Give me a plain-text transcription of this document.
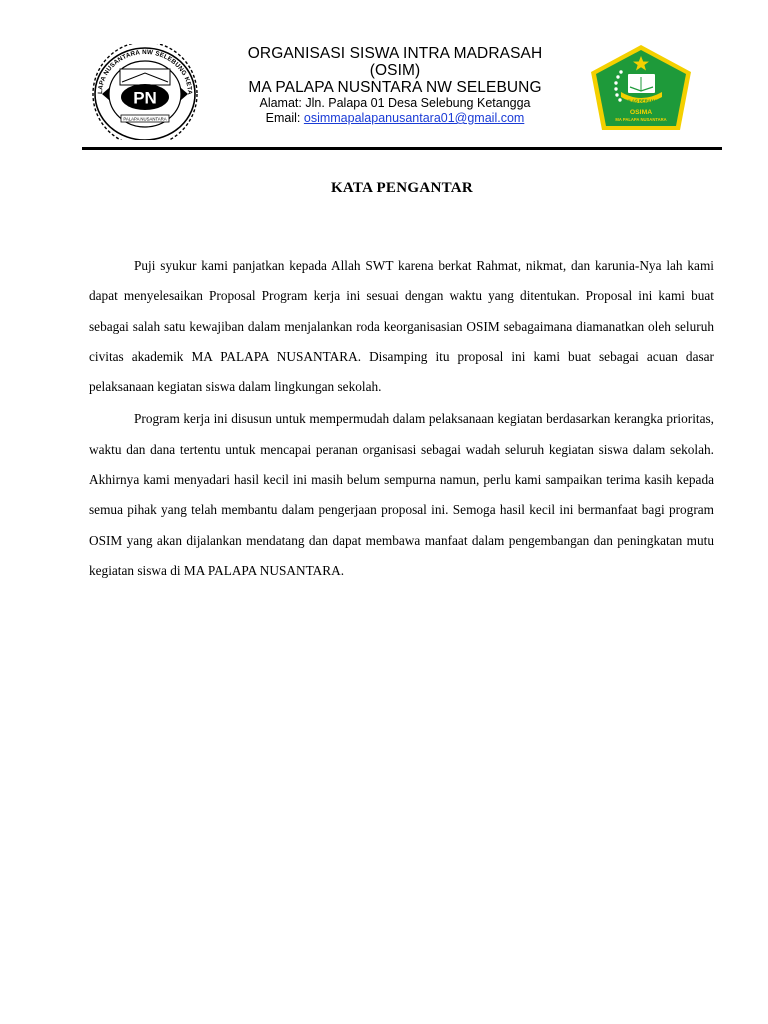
LAPA NUSANTARA NW SELEBUNG KETA
PN
PALAPA NUSANTARA
ORGANISASI SISWA INTRA MADRASAH
(OSIM)
MA PALAPA NUSNTARA NW SELEBUNG
Alamat: Jln. Palapa 01 Desa Selebung Ketangga
Email: osimmapalapanusantara01@gmail.com
IKHLAS BERAMAL
OSIMA
MA PALAPA NUSANTARA
KATA PENGANTAR

Puji syukur kami panjatkan kepada Allah SWT karena berkat Rahmat, nikmat, dan karunia-Nya lah kami dapat menyelesaikan Proposal Program kerja ini sesuai dengan waktu yang ditentukan. Proposal ini kami buat sebagai salah satu kewajiban dalam menjalankan roda keorganisasian OSIM sebagaimana diamanatkan oleh seluruh civitas akademik MA PALAPA NUSANTARA. Disamping itu proposal ini kami buat sebagai acuan dasar pelaksanaan kegiatan siswa dalam lingkungan sekolah.

Program kerja ini disusun untuk mempermudah dalam pelaksanaan kegiatan berdasarkan kerangka prioritas, waktu dan dana tertentu untuk mencapai peranan organisasi sebagai wadah seluruh kegiatan siswa dalam sekolah. Akhirnya kami menyadari hasil kecil ini masih belum sempurna namun, perlu kami sampaikan terima kasih kepada semua pihak yang telah membantu dalam pengerjaan proposal ini. Semoga hasil kecil ini bermanfaat bagi program OSIM yang akan dijalankan mendatang dan dapat membawa manfaat dalam pengembangan dan peningkatan mutu kegiatan siswa di MA PALAPA NUSANTARA.
